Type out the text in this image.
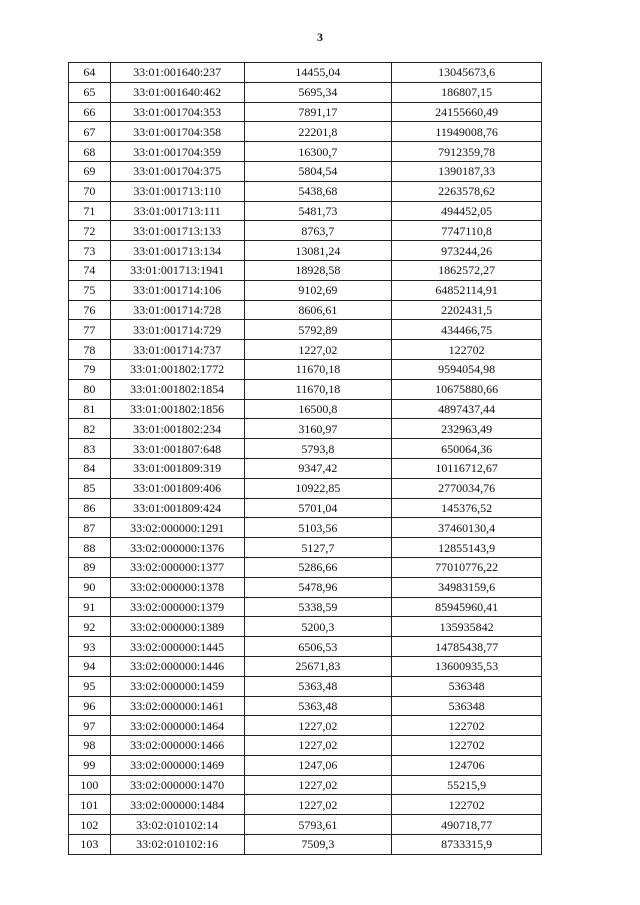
3
64	33:01:001640:237	14455,04	13045673,6
65	33:01:001640:462	5695,34	186807,15
66	33:01:001704:353	7891,17	24155660,49
67	33:01:001704:358	22201,8	11949008,76
68	33:01:001704:359	16300,7	7912359,78
69	33:01:001704:375	5804,54	1390187,33
70	33:01:001713:110	5438,68	2263578,62
71	33:01:001713:111	5481,73	494452,05
72	33:01:001713:133	8763,7	7747110,8
73	33:01:001713:134	13081,24	973244,26
74	33:01:001713:1941	18928,58	1862572,27
75	33:01:001714:106	9102,69	64852114,91
76	33:01:001714:728	8606,61	2202431,5
77	33:01:001714:729	5792,89	434466,75
78	33:01:001714:737	1227,02	122702
79	33:01:001802:1772	11670,18	9594054,98
80	33:01:001802:1854	11670,18	10675880,66
81	33:01:001802:1856	16500,8	4897437,44
82	33:01:001802:234	3160,97	232963,49
83	33:01:001807:648	5793,8	650064,36
84	33:01:001809:319	9347,42	10116712,67
85	33:01:001809:406	10922,85	2770034,76
86	33:01:001809:424	5701,04	145376,52
87	33:02:000000:1291	5103,56	37460130,4
88	33:02:000000:1376	5127,7	12855143,9
89	33:02:000000:1377	5286,66	77010776,22
90	33:02:000000:1378	5478,96	34983159,6
91	33:02:000000:1379	5338,59	85945960,41
92	33:02:000000:1389	5200,3	135935842
93	33:02:000000:1445	6506,53	14785438,77
94	33:02:000000:1446	25671,83	13600935,53
95	33:02:000000:1459	5363,48	536348
96	33:02:000000:1461	5363,48	536348
97	33:02:000000:1464	1227,02	122702
98	33:02:000000:1466	1227,02	122702
99	33:02:000000:1469	1247,06	124706
100	33:02:000000:1470	1227,02	55215,9
101	33:02:000000:1484	1227,02	122702
102	33:02:010102:14	5793,61	490718,77
103	33:02:010102:16	7509,3	8733315,9
